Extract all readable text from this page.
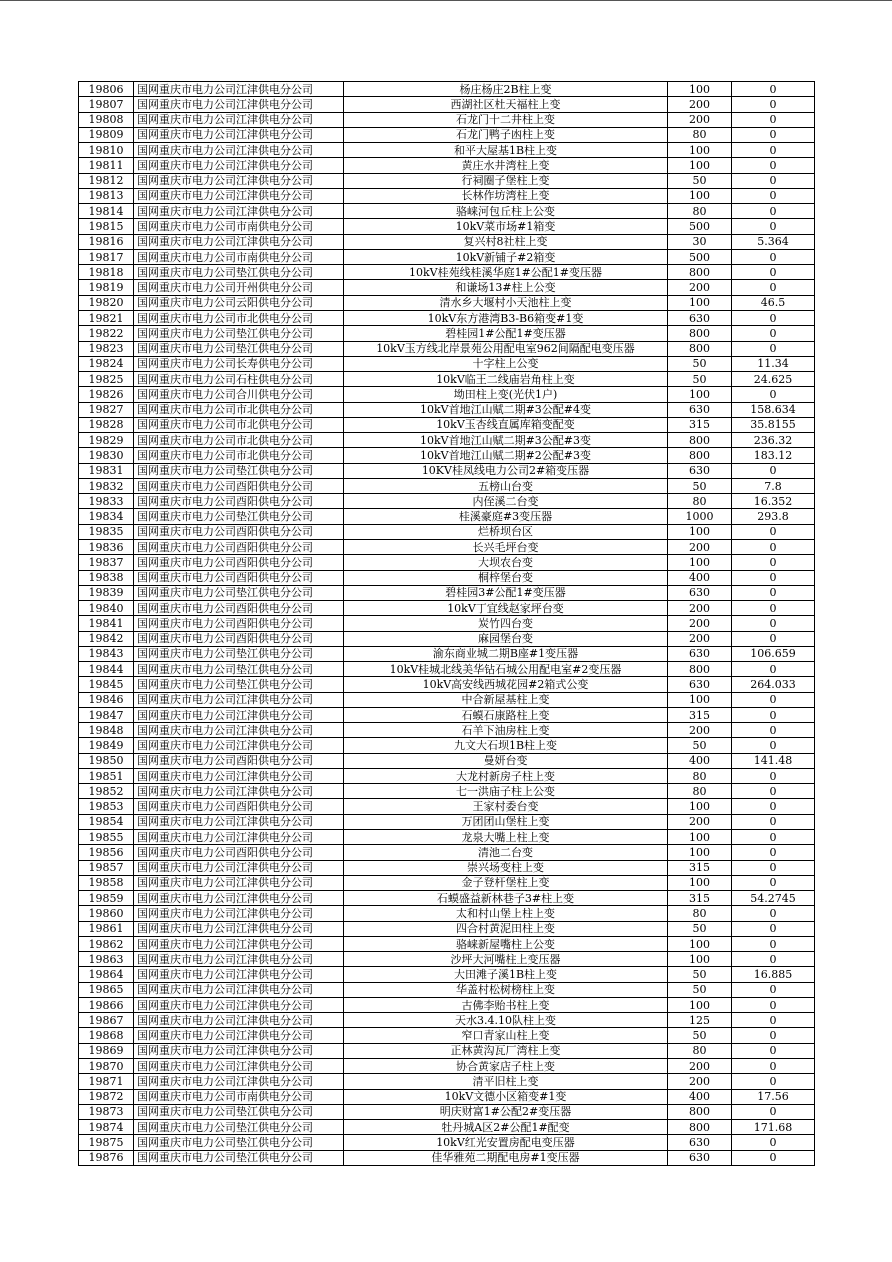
19806	国网重庆市电力公司江津供电分公司	杨庄杨庄2B柱上变	100	0
19807	国网重庆市电力公司江津供电分公司	西湖社区杜天福柱上变	200	0
19808	国网重庆市电力公司江津供电分公司	石龙门十二井柱上变	200	0
19809	国网重庆市电力公司江津供电分公司	石龙门鸭子凼柱上变	80	0
19810	国网重庆市电力公司江津供电分公司	和平大屋基1B柱上变	100	0
19811	国网重庆市电力公司江津供电分公司	黄庄水井湾柱上变	100	0
19812	国网重庆市电力公司江津供电分公司	行祠圈子堡柱上变	50	0
19813	国网重庆市电力公司江津供电分公司	长林作坊湾柱上变	100	0
19814	国网重庆市电力公司江津供电分公司	骆崃河包丘柱上公变	80	0
19815	国网重庆市电力公司市南供电分公司	10kV菜市场#1箱变	500	0
19816	国网重庆市电力公司江津供电分公司	复兴村8社柱上变	30	5.364
19817	国网重庆市电力公司市南供电分公司	10kV新铺子#2箱变	500	0
19818	国网重庆市电力公司垫江供电分公司	10kV桂苑线桂溪华庭1#公配1#变压器	800	0
19819	国网重庆市电力公司开州供电分公司	和谦场13#柱上公变	200	0
19820	国网重庆市电力公司云阳供电分公司	清水乡大堰村小天池柱上变	100	46.5
19821	国网重庆市电力公司市北供电分公司	10kV东方港湾B3-B6箱变#1变	630	0
19822	国网重庆市电力公司垫江供电分公司	碧桂园1#公配1#变压器	800	0
19823	国网重庆市电力公司垫江供电分公司	10kV玉方线北岸景苑公用配电室962间隔配电变压器	800	0
19824	国网重庆市电力公司长寿供电分公司	十字柱上公变	50	11.34
19825	国网重庆市电力公司石柱供电分公司	10kV临王二线庙岩角柱上变	50	24.625
19826	国网重庆市电力公司合川供电分公司	坳田柱上变(光伏1户)	100	0
19827	国网重庆市电力公司市北供电分公司	10kV首地江山赋二期#3公配#4变	630	158.634
19828	国网重庆市电力公司市北供电分公司	10kV玉杏线直属库箱变配变	315	35.8155
19829	国网重庆市电力公司市北供电分公司	10kV首地江山赋二期#3公配#3变	800	236.32
19830	国网重庆市电力公司市北供电分公司	10kV首地江山赋二期#2公配#3变	800	183.12
19831	国网重庆市电力公司垫江供电分公司	10KV桂凤线电力公司2#箱变压器	630	0
19832	国网重庆市电力公司酉阳供电分公司	五榜山台变	50	7.8
19833	国网重庆市电力公司酉阳供电分公司	内侄溪二台变	80	16.352
19834	国网重庆市电力公司垫江供电分公司	桂溪豪庭#3变压器	1000	293.8
19835	国网重庆市电力公司酉阳供电分公司	烂桥坝台区	100	0
19836	国网重庆市电力公司酉阳供电分公司	长兴毛坪台变	200	0
19837	国网重庆市电力公司酉阳供电分公司	大坝农台变	100	0
19838	国网重庆市电力公司酉阳供电分公司	桐梓堡台变	400	0
19839	国网重庆市电力公司垫江供电分公司	碧桂园3#公配1#变压器	630	0
19840	国网重庆市电力公司酉阳供电分公司	10kV丁宜线赵家坪台变	200	0
19841	国网重庆市电力公司酉阳供电分公司	炭竹四台变	200	0
19842	国网重庆市电力公司酉阳供电分公司	麻园堡台变	200	0
19843	国网重庆市电力公司垫江供电分公司	渝东商业城二期B座#1变压器	630	106.659
19844	国网重庆市电力公司垫江供电分公司	10kV桂城北线美华钻石城公用配电室#2变压器	800	0
19845	国网重庆市电力公司垫江供电分公司	10kV高安线西城花园#2箱式公变	630	264.033
19846	国网重庆市电力公司江津供电分公司	中合新屋基柱上变	100	0
19847	国网重庆市电力公司江津供电分公司	石蟆石康路柱上变	315	0
19848	国网重庆市电力公司江津供电分公司	石羊下油房柱上变	200	0
19849	国网重庆市电力公司江津供电分公司	九文大石坝1B柱上变	50	0
19850	国网重庆市电力公司酉阳供电分公司	曼妍台变	400	141.48
19851	国网重庆市电力公司江津供电分公司	大龙村新房子柱上变	80	0
19852	国网重庆市电力公司江津供电分公司	七一洪庙子柱上公变	80	0
19853	国网重庆市电力公司酉阳供电分公司	王家村委台变	100	0
19854	国网重庆市电力公司江津供电分公司	万团团山堡柱上变	200	0
19855	国网重庆市电力公司江津供电分公司	龙泉大嘴上柱上变	100	0
19856	国网重庆市电力公司酉阳供电分公司	清池二台变	100	0
19857	国网重庆市电力公司江津供电分公司	崇兴场变柱上变	315	0
19858	国网重庆市电力公司江津供电分公司	金子登杆堡柱上变	100	0
19859	国网重庆市电力公司江津供电分公司	石蟆盛益新林巷子3#柱上变	315	54.2745
19860	国网重庆市电力公司江津供电分公司	太和村山堡上柱上变	80	0
19861	国网重庆市电力公司江津供电分公司	四合村黄泥田柱上变	50	0
19862	国网重庆市电力公司江津供电分公司	骆崃新屋嘴柱上公变	100	0
19863	国网重庆市电力公司江津供电分公司	沙坪大河嘴柱上变压器	100	0
19864	国网重庆市电力公司江津供电分公司	大田滩子溪1B柱上变	50	16.885
19865	国网重庆市电力公司江津供电分公司	华盖村松树榜柱上变	50	0
19866	国网重庆市电力公司江津供电分公司	古佛李贻书柱上变	100	0
19867	国网重庆市电力公司江津供电分公司	天水3.4.10队柱上变	125	0
19868	国网重庆市电力公司江津供电分公司	窄口青家山柱上变	50	0
19869	国网重庆市电力公司江津供电分公司	正林黄沟瓦厂湾柱上变	80	0
19870	国网重庆市电力公司江津供电分公司	协合黄家店子柱上变	200	0
19871	国网重庆市电力公司江津供电分公司	清平旧柱上变	200	0
19872	国网重庆市电力公司市南供电分公司	10kV文德小区箱变#1变	400	17.56
19873	国网重庆市电力公司垫江供电分公司	明庆财富1#公配2#变压器	800	0
19874	国网重庆市电力公司垫江供电分公司	牡丹城A区2#公配1#配变	800	171.68
19875	国网重庆市电力公司垫江供电分公司	10kV红光安置房配电变压器	630	0
19876	国网重庆市电力公司垫江供电分公司	佳华雅苑二期配电房#1变压器	630	0
